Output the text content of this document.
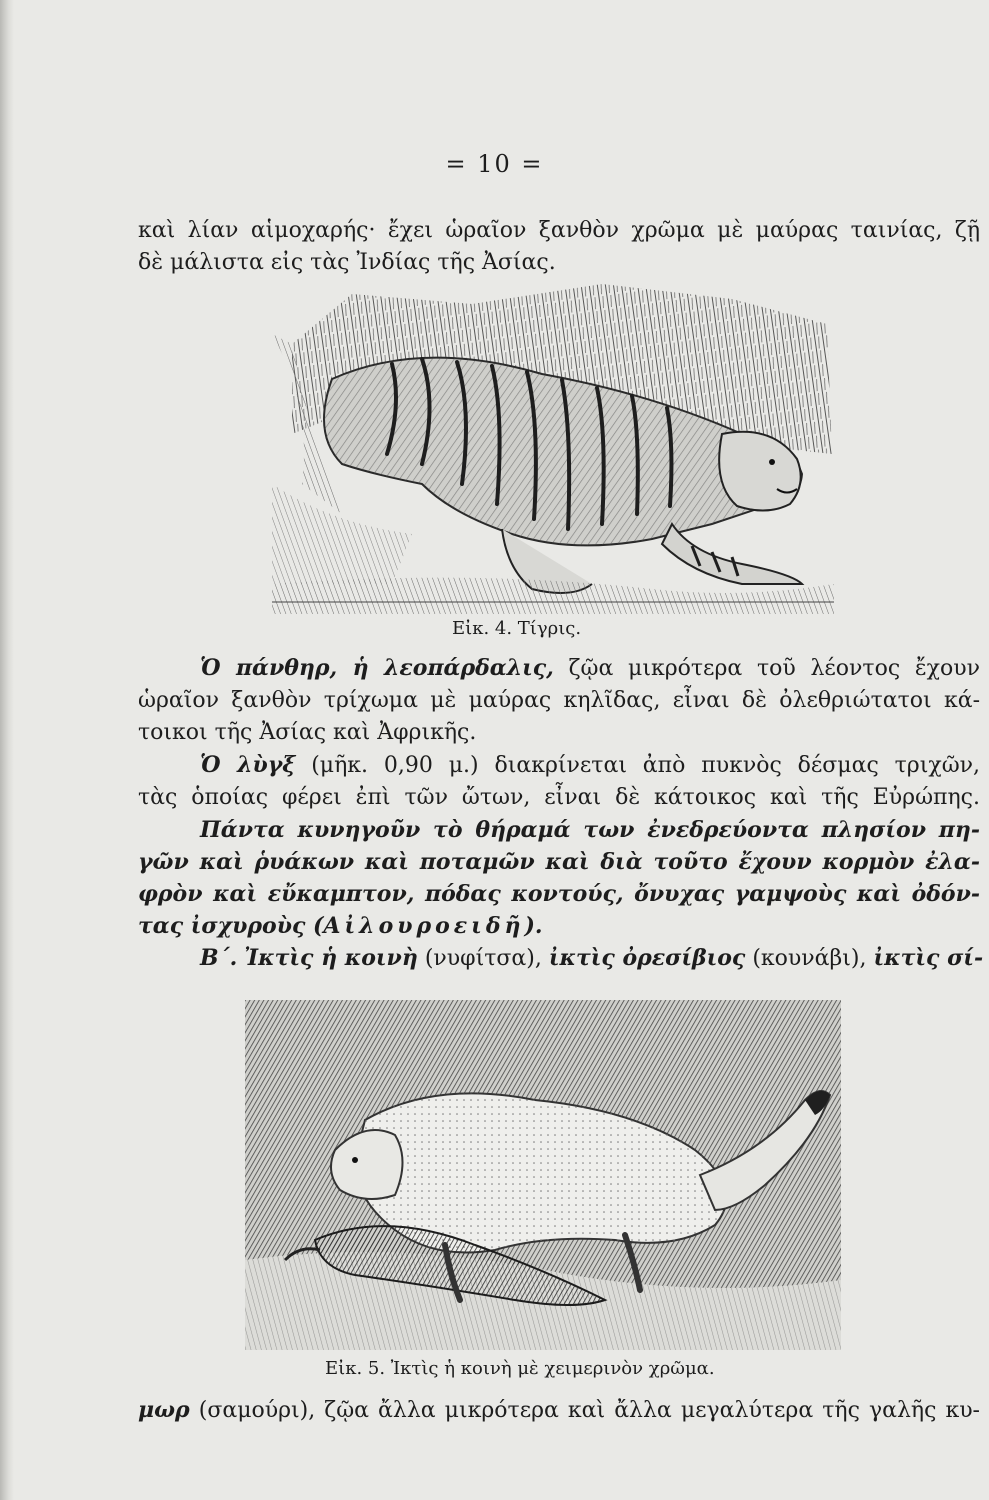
= 10 =
καὶ λίαν αἱμοχαρής· ἔχει ὡραῖον ξανθὸν χρῶμα μὲ μαύρας ταινίας, ζῇ
δὲ μάλιστα εἰς τὰς Ἰνδίας τῆς Ἀσίας.
Εἰκ. 4. Τίγρις.
Ὁ πάνθηρ, ἡ λεοπάρδαλις, ζῷα μικρότερα τοῦ λέοντος ἔχουν
ὡραῖον ξανθὸν τρίχωμα μὲ μαύρας κηλῖδας, εἶναι δὲ ὀλεθριώτατοι κά-
τοικοι τῆς Ἀσίας καὶ Ἀφρικῆς.
Ὁ λὺγξ (μῆκ. 0,90 μ.) διακρίνεται ἀπὸ πυκνὸς δέσμας τριχῶν,
τὰς ὁποίας φέρει ἐπὶ τῶν ὤτων, εἶναι δὲ κάτοικος καὶ τῆς Εὐρώπης.
Πάντα κυνηγοῦν τὸ θήραμά των ἐνεδρεύοντα πλησίον πη-
γῶν καὶ ῥυάκων καὶ ποταμῶν καὶ διὰ τοῦτο ἔχουν κορμὸν ἐλα-
φρὸν καὶ εὔκαμπτον, πόδας κοντούς, ὄνυχας γαμψοὺς καὶ ὀδόν-
τας ἰσχυροὺς (Αἰλουροειδῆ).
Β΄. Ἰκτὶς ἡ κοινὴ (νυφίτσα), ἰκτὶς ὀρεσίβιος (κουνάβι), ἰκτὶς σί-
Εἰκ. 5. Ἰκτὶς ἡ κοινὴ μὲ χειμερινὸν χρῶμα.
μωρ (σαμούρι), ζῷα ἄλλα μικρότερα καὶ ἄλλα μεγαλύτερα τῆς γαλῆς κυ-
